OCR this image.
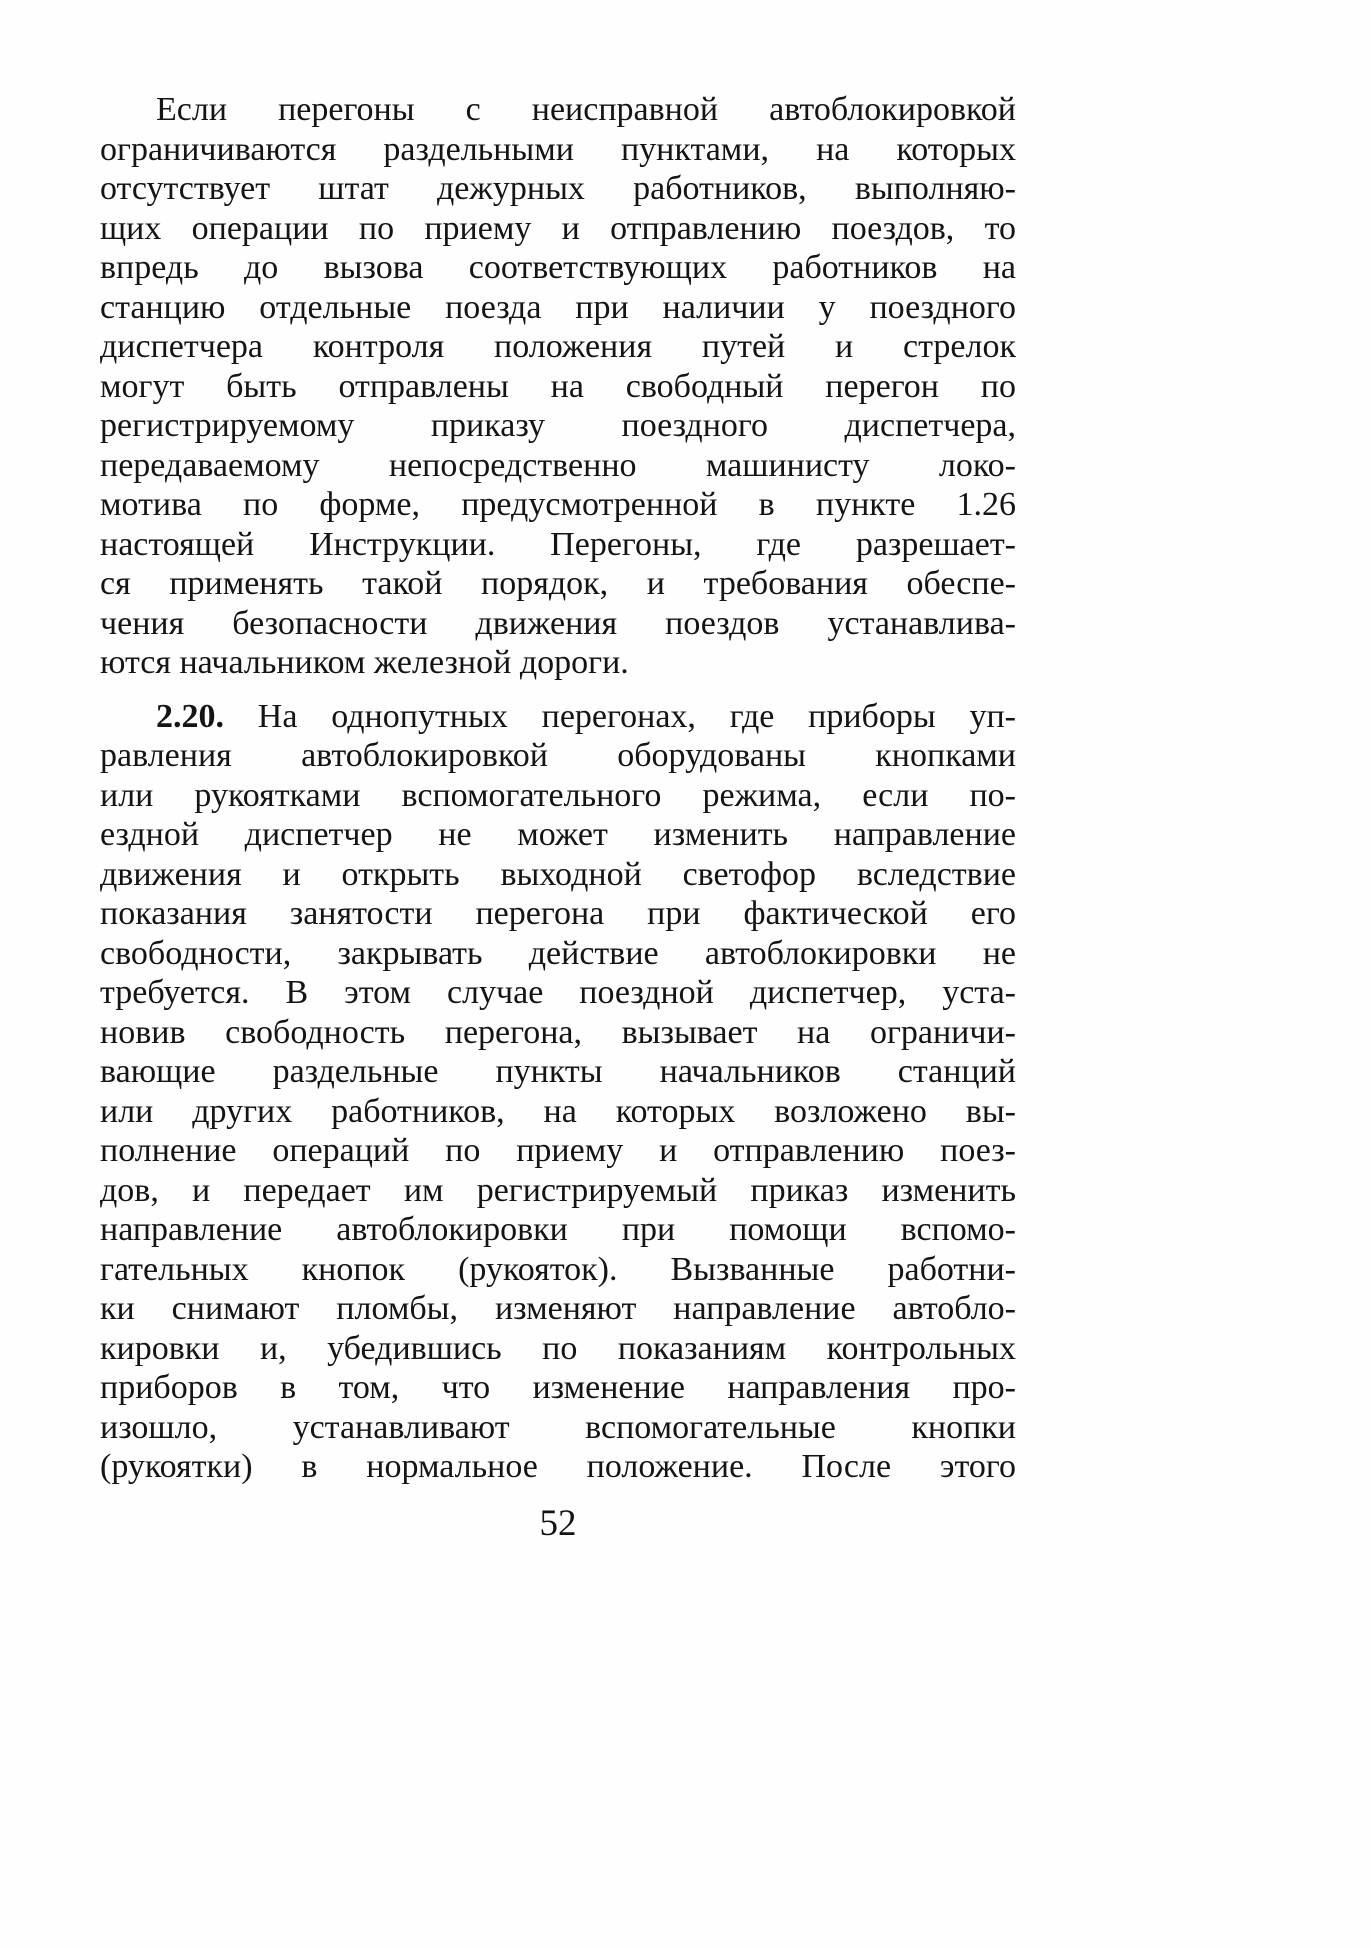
Если перегоны с неисправной автоблокировкой
ограничиваются раздельными пунктами, на которых
отсутствует штат дежурных работников, выполняю-
щих операции по приему и отправлению поездов, то
впредь до вызова соответствующих работников на
станцию отдельные поезда при наличии у поездного
диспетчера контроля положения путей и стрелок
могут быть отправлены на свободный перегон по
регистрируемому приказу поездного диспетчера,
передаваемому непосредственно машинисту локо-
мотива по форме, предусмотренной в пункте 1.26
настоящей Инструкции. Перегоны, где разрешает-
ся применять такой порядок, и требования обеспе-
чения безопасности движения поездов устанавлива-
ются начальником железной дороги.
2.20. На однопутных перегонах, где приборы уп-
равления автоблокировкой оборудованы кнопками
или рукоятками вспомогательного режима, если по-
ездной диспетчер не может изменить направление
движения и открыть выходной светофор вследствие
показания занятости перегона при фактической его
свободности, закрывать действие автоблокировки не
требуется. В этом случае поездной диспетчер, уста-
новив свободность перегона, вызывает на ограничи-
вающие раздельные пункты начальников станций
или других работников, на которых возложено вы-
полнение операций по приему и отправлению поез-
дов, и передает им регистрируемый приказ изменить
направление автоблокировки при помощи вспомо-
гательных кнопок (рукояток). Вызванные работни-
ки снимают пломбы, изменяют направление автобло-
кировки и, убедившись по показаниям контрольных
приборов в том, что изменение направления про-
изошло, устанавливают вспомогательные кнопки
(рукоятки) в нормальное положение. После этого
52
